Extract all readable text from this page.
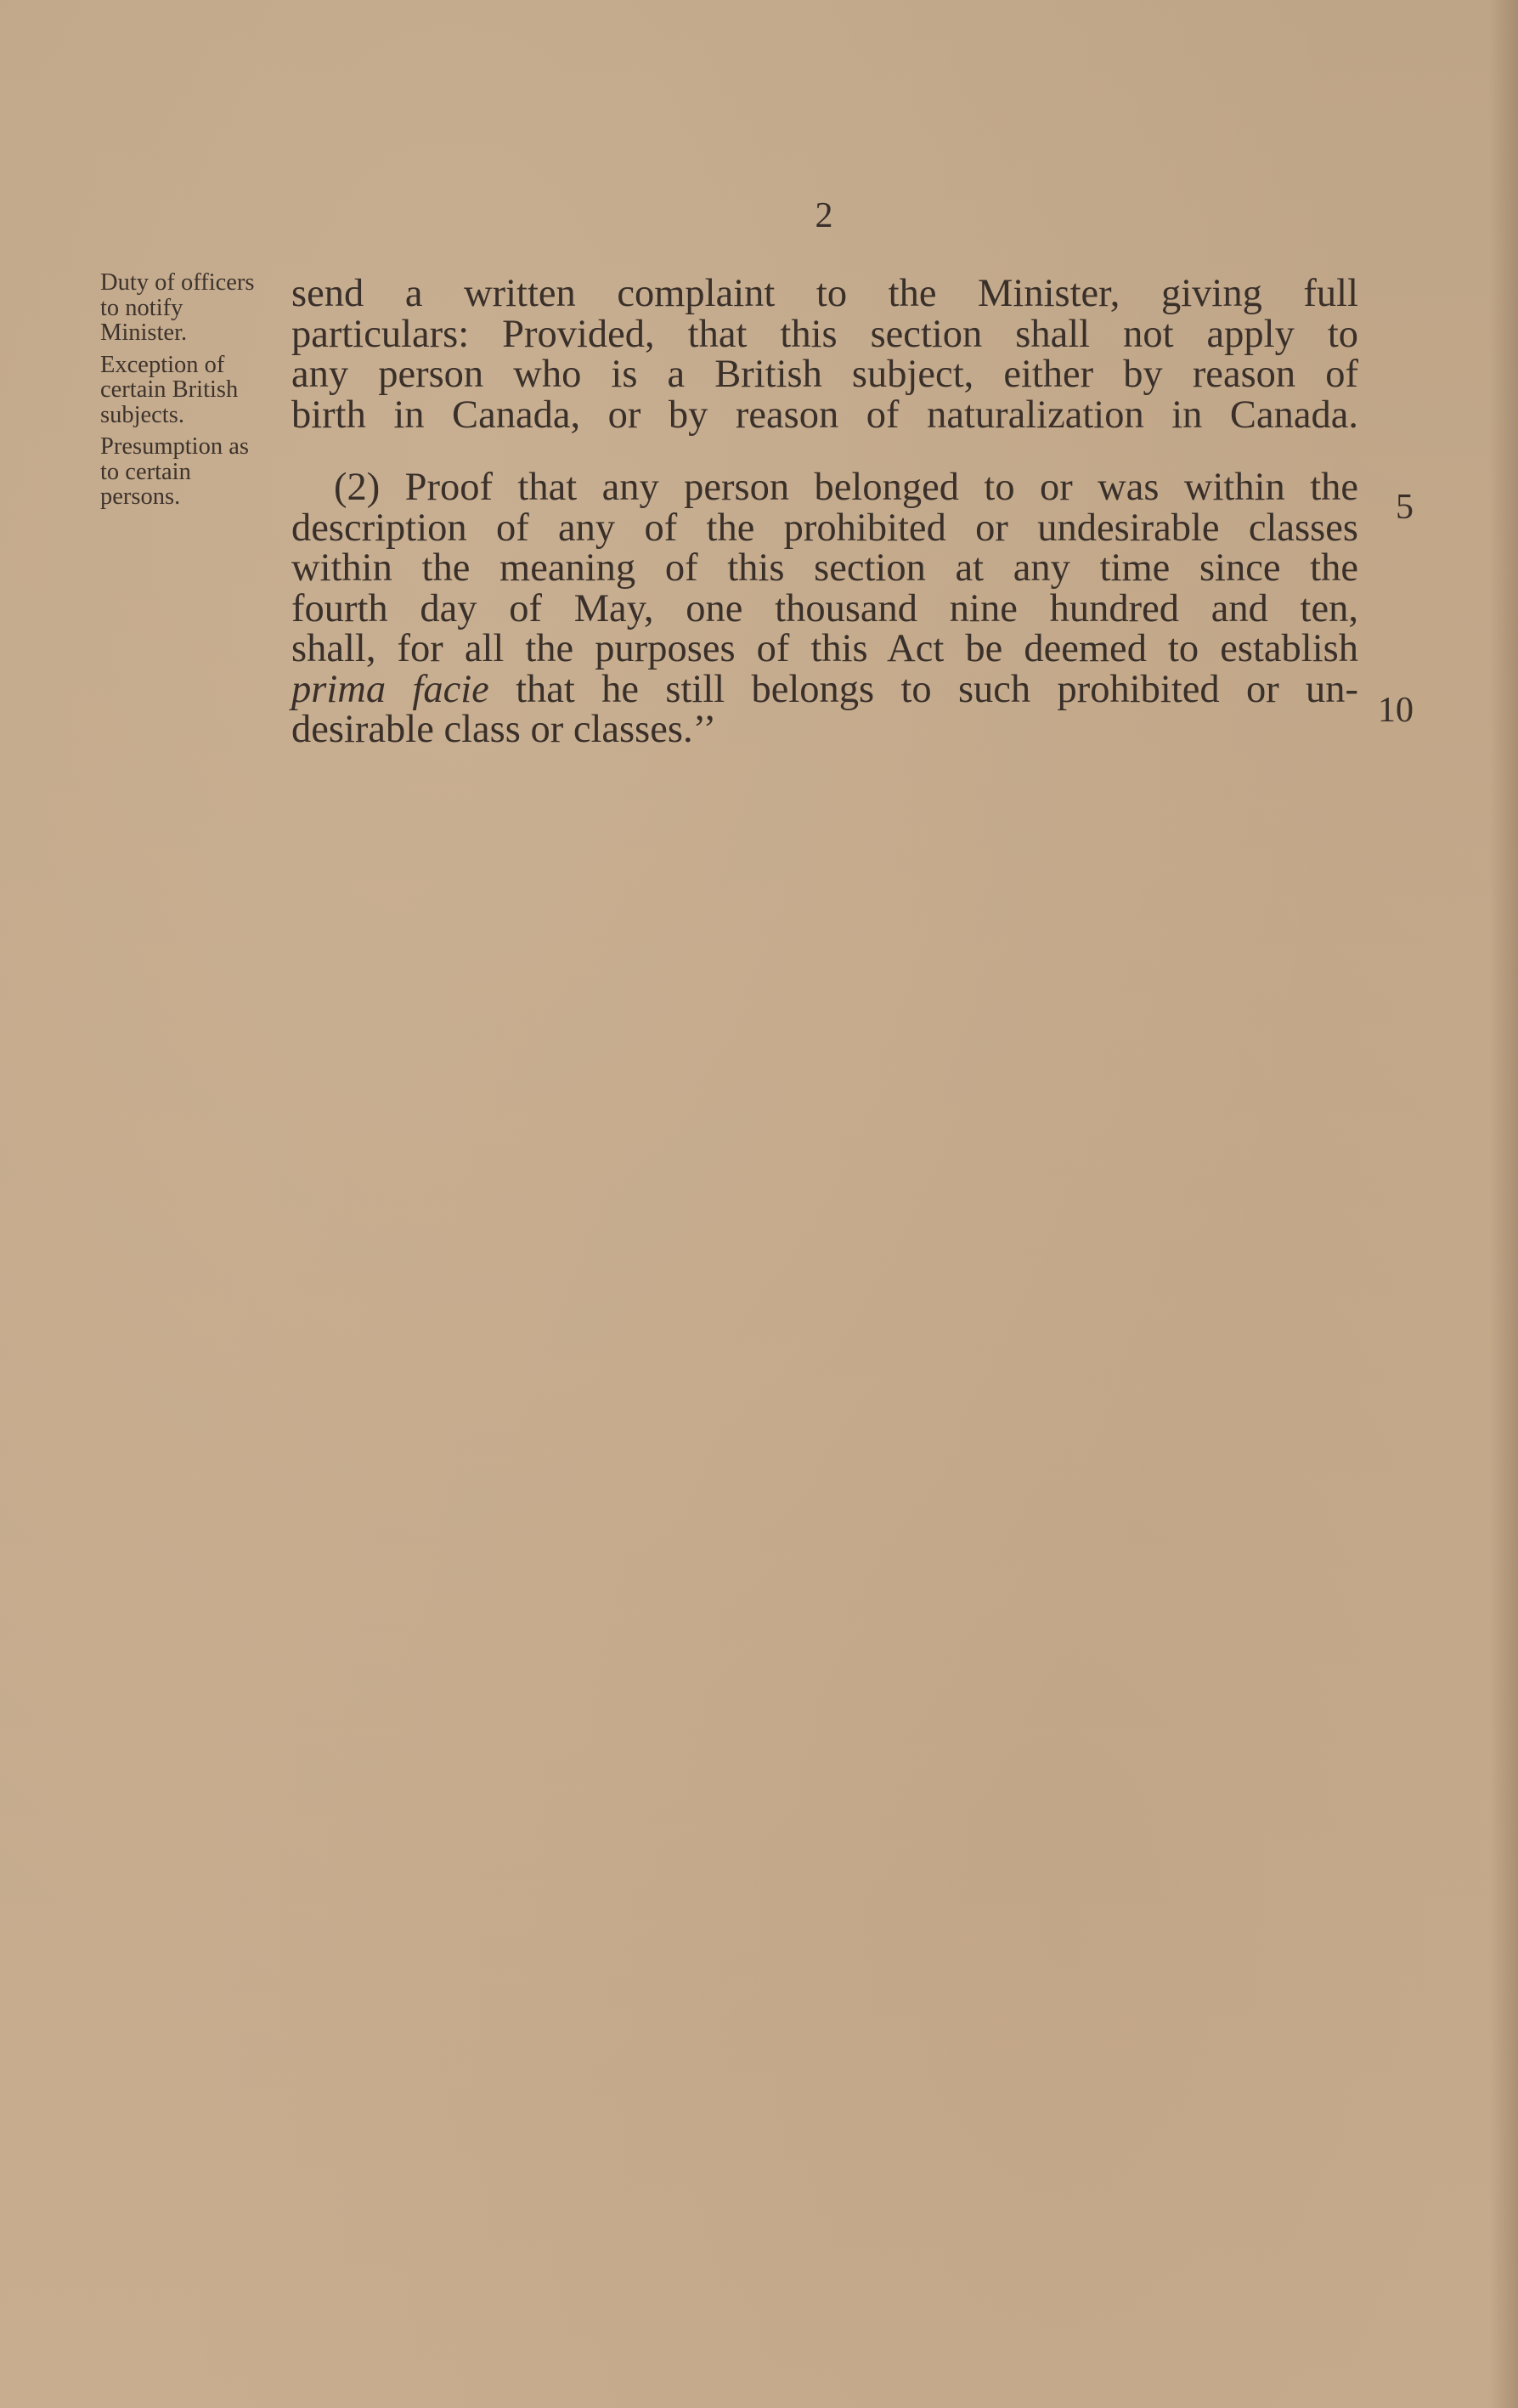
2
Duty of officers to notify Minister.
Exception of certain British subjects.
Presumption as to certain persons.
send a written complaint to the Minister, giving full
particulars: Provided, that this section shall not apply to
any person who is a British subject, either by reason of
birth in Canada, or by reason of naturalization in Canada.
(2) Proof that any person belonged to or was within the
description of any of the prohibited or undesirable classes
within the meaning of this section at any time since the
fourth day of May, one thousand nine hundred and ten,
shall, for all the purposes of this Act be deemed to establish
prima facie that he still belongs to such prohibited or un-
desirable class or classes.’’
5
10
